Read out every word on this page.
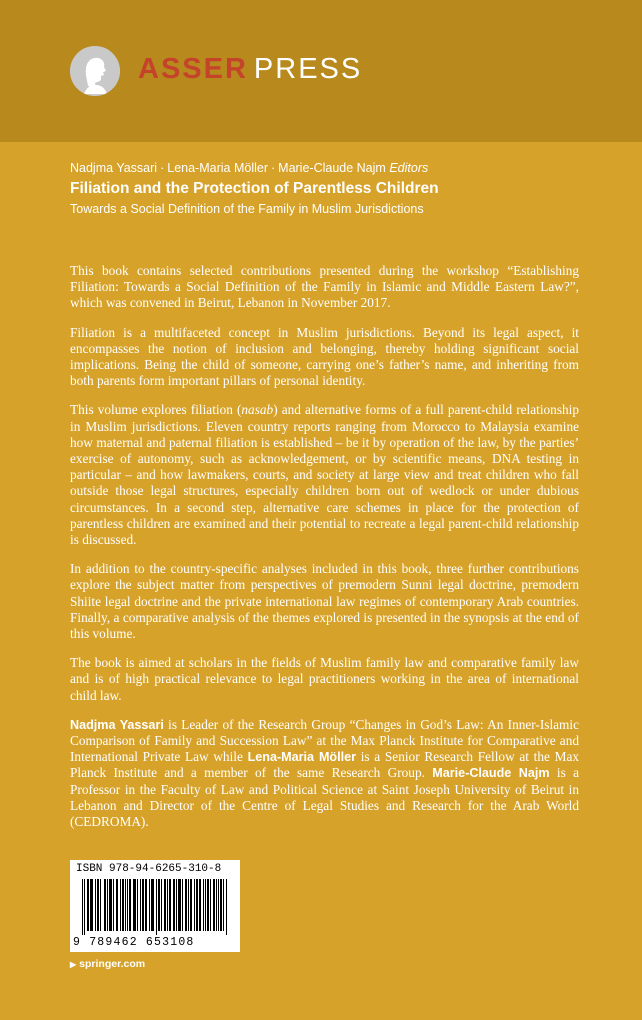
ASSER PRESS
Nadjma Yassari · Lena-Maria Möller · Marie-Claude Najm Editors
Filiation and the Protection of Parentless Children
Towards a Social Definition of the Family in Muslim Jurisdictions

This book contains selected contributions presented during the workshop “Establishing Filiation: Towards a Social Definition of the Family in Islamic and Middle Eastern Law?”, which was convened in Beirut, Lebanon in November 2017.

Filiation is a multifaceted concept in Muslim jurisdictions. Beyond its legal aspect, it encompasses the notion of inclusion and belonging, thereby holding significant social implications. Being the child of someone, carrying one’s father’s name, and inheriting from both parents form important pillars of personal identity.

This volume explores filiation (nasab) and alternative forms of a full parent-child relationship in Muslim jurisdictions. Eleven country reports ranging from Morocco to Malaysia examine how maternal and paternal filiation is established – be it by operation of the law, by the parties’ exercise of autonomy, such as acknowledgement, or by scientific means, DNA testing in particular – and how lawmakers, courts, and society at large view and treat children who fall outside those legal structures, especially children born out of wedlock or under dubious circumstances. In a second step, alternative care schemes in place for the protection of parentless children are examined and their potential to recreate a legal parent-child relationship is discussed.

In addition to the country-specific analyses included in this book, three further contributions explore the subject matter from perspectives of premodern Sunni legal doctrine, premodern Shiite legal doctrine and the private international law regimes of contemporary Arab countries. Finally, a comparative analysis of the themes explored is presented in the synopsis at the end of this volume.

The book is aimed at scholars in the fields of Muslim family law and comparative family law and is of high practical relevance to legal practitioners working in the area of international child law.

Nadjma Yassari is Leader of the Research Group “Changes in God’s Law: An Inner-Islamic Comparison of Family and Succession Law” at the Max Planck Institute for Comparative and International Private Law while Lena-Maria Möller is a Senior Research Fellow at the Max Planck Institute and a member of the same Research Group. Marie-Claude Najm is a Professor in the Faculty of Law and Political Science at Saint Joseph University of Beirut in Lebanon and Director of the Centre of Legal Studies and Research for the Arab World (CEDROMA).

ISBN 978-94-6265-310-8
9 789462 653108
▶ springer.com
